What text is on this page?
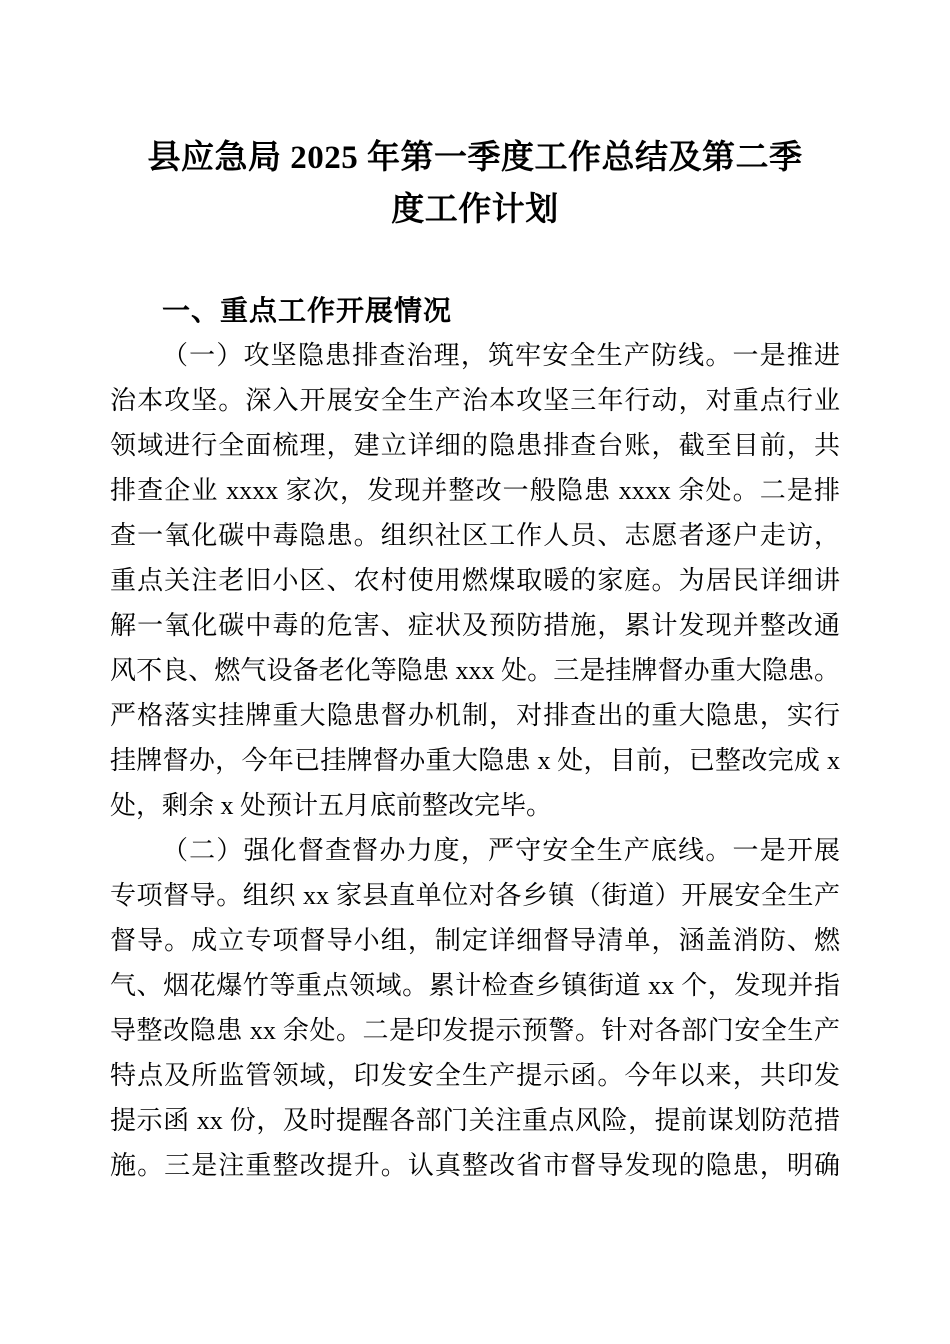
县应急局 2025 年第一季度工作总结及第二季
度工作计划
一、重点工作开展情况
（一）攻坚隐患排查治理，筑牢安全生产防线。一是推进
治本攻坚。深入开展安全生产治本攻坚三年行动，对重点行业
领域进行全面梳理，建立详细的隐患排查台账，截至目前，共
排查企业 xxxx 家次，发现并整改一般隐患 xxxx 余处。二是排
查一氧化碳中毒隐患。组织社区工作人员、志愿者逐户走访，
重点关注老旧小区、农村使用燃煤取暖的家庭。为居民详细讲
解一氧化碳中毒的危害、症状及预防措施，累计发现并整改通
风不良、燃气设备老化等隐患 xxx 处。三是挂牌督办重大隐患。
严格落实挂牌重大隐患督办机制，对排查出的重大隐患，实行
挂牌督办，今年已挂牌督办重大隐患 x 处，目前，已整改完成 x
处，剩余 x 处预计五月底前整改完毕。
（二）强化督查督办力度，严守安全生产底线。一是开展
专项督导。组织 xx 家县直单位对各乡镇（街道）开展安全生产
督导。成立专项督导小组，制定详细督导清单，涵盖消防、燃
气、烟花爆竹等重点领域。累计检查乡镇街道 xx 个，发现并指
导整改隐患 xx 余处。二是印发提示预警。针对各部门安全生产
特点及所监管领域，印发安全生产提示函。今年以来，共印发
提示函 xx 份，及时提醒各部门关注重点风险，提前谋划防范措
施。三是注重整改提升。认真整改省市督导发现的隐患，明确
